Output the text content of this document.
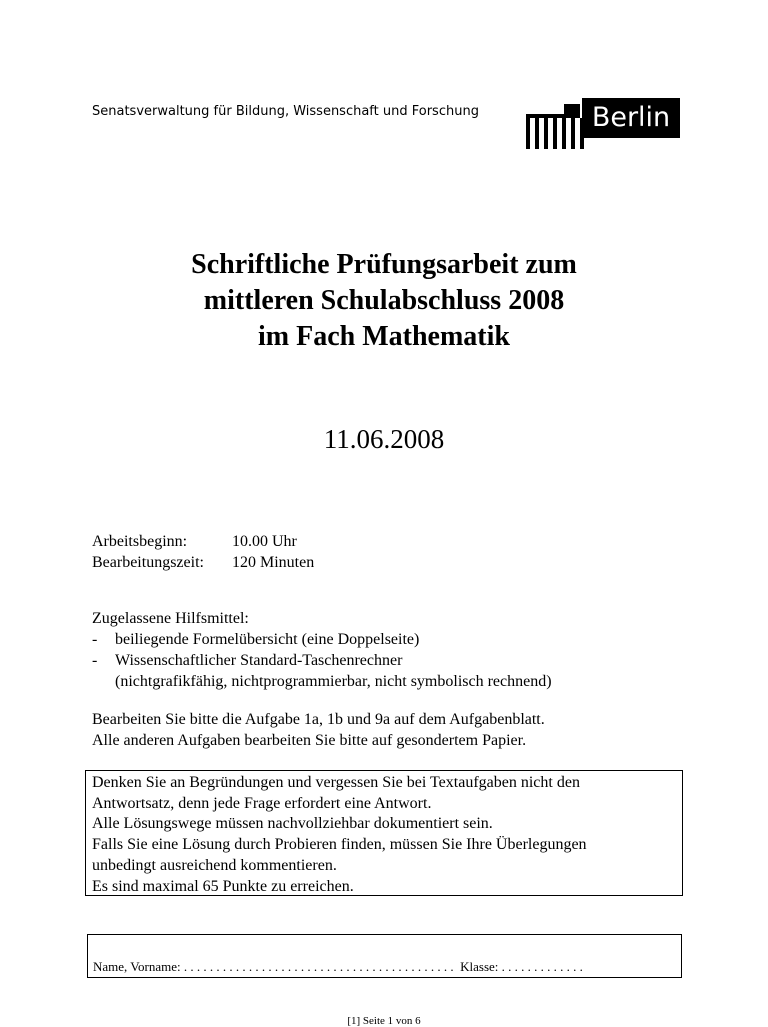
Senatsverwaltung für Bildung, Wissenschaft und Forschung	Berlin
Schriftliche Prüfungsarbeit zum
mittleren Schulabschluss 2008
im Fach Mathematik
11.06.2008
Arbeitsbeginn:	10.00 Uhr
Bearbeitungszeit:	120 Minuten
Zugelassene Hilfsmittel:
-	beiliegende Formelübersicht (eine Doppelseite)
-	Wissenschaftlicher Standard-Taschenrechner
(nichtgrafikfähig, nichtprogrammierbar, nicht symbolisch rechnend)
Bearbeiten Sie bitte die Aufgabe 1a, 1b und 9a auf dem Aufgabenblatt.
Alle anderen Aufgaben bearbeiten Sie bitte auf gesondertem Papier.
Denken Sie an Begründungen und vergessen Sie bei Textaufgaben nicht den
Antwortsatz, denn jede Frage erfordert eine Antwort.
Alle Lösungswege müssen nachvollziehbar dokumentiert sein.
Falls Sie eine Lösung durch Probieren finden, müssen Sie Ihre Überlegungen
unbedingt ausreichend kommentieren.
Es sind maximal 65 Punkte zu erreichen.
Name, Vorname: . . . . . . . . . . . . . . . . . . . . . . . . . . . . . . . . . . . . . . . . . .  Klasse: . . . . . . . . . . . . .
[1] Seite 1 von 6
